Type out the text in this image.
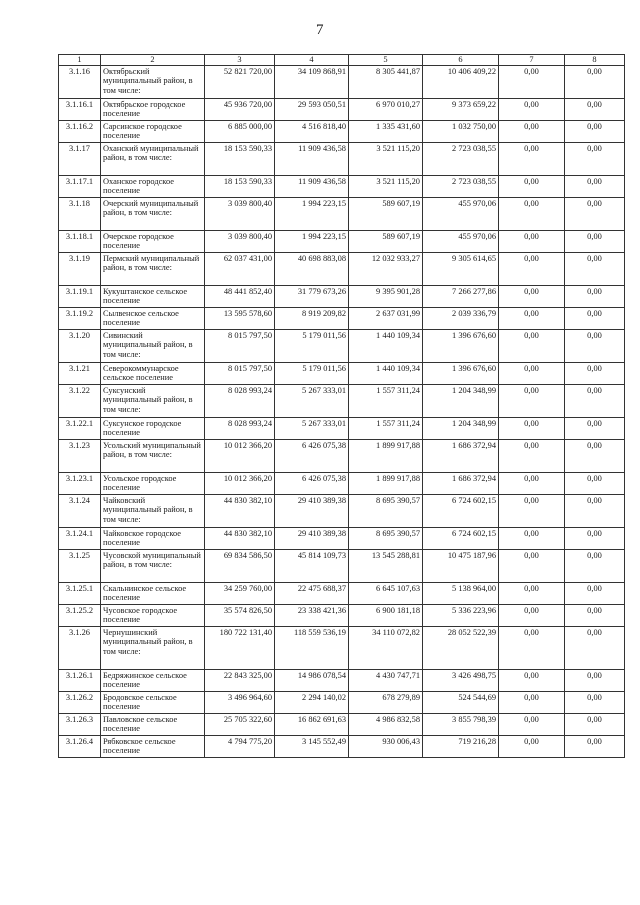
7
1	2	3	4	5	6	7	8
3.1.16	Октябрьский муниципальный район, в том числе:	52 821 720,00	34 109 868,91	8 305 441,87	10 406 409,22	0,00	0,00
3.1.16.1	Октябрьское городское поселение	45 936 720,00	29 593 050,51	6 970 010,27	9 373 659,22	0,00	0,00
3.1.16.2	Сарсинское городское поселение	6 885 000,00	4 516 818,40	1 335 431,60	1 032 750,00	0,00	0,00
3.1.17	Оханский муниципальный район, в том числе:	18 153 590,33	11 909 436,58	3 521 115,20	2 723 038,55	0,00	0,00
3.1.17.1	Оханское городское поселение	18 153 590,33	11 909 436,58	3 521 115,20	2 723 038,55	0,00	0,00
3.1.18	Очерский муниципальный район, в том числе:	3 039 800,40	1 994 223,15	589 607,19	455 970,06	0,00	0,00
3.1.18.1	Очерское городское поселение	3 039 800,40	1 994 223,15	589 607,19	455 970,06	0,00	0,00
3.1.19	Пермский муниципальный район, в том числе:	62 037 431,00	40 698 883,08	12 032 933,27	9 305 614,65	0,00	0,00
3.1.19.1	Кукуштанское сельское поселение	48 441 852,40	31 779 673,26	9 395 901,28	7 266 277,86	0,00	0,00
3.1.19.2	Сылвенское сельское поселение	13 595 578,60	8 919 209,82	2 637 031,99	2 039 336,79	0,00	0,00
3.1.20	Сивинский муниципальный район, в том числе:	8 015 797,50	5 179 011,56	1 440 109,34	1 396 676,60	0,00	0,00
3.1.21	Северокоммунарское сельское поселение	8 015 797,50	5 179 011,56	1 440 109,34	1 396 676,60	0,00	0,00
3.1.22	Суксунский муниципальный район, в том числе:	8 028 993,24	5 267 333,01	1 557 311,24	1 204 348,99	0,00	0,00
3.1.22.1	Суксунское городское поселение	8 028 993,24	5 267 333,01	1 557 311,24	1 204 348,99	0,00	0,00
3.1.23	Усольский муниципальный район, в том числе:	10 012 366,20	6 426 075,38	1 899 917,88	1 686 372,94	0,00	0,00
3.1.23.1	Усольское городское поселение	10 012 366,20	6 426 075,38	1 899 917,88	1 686 372,94	0,00	0,00
3.1.24	Чайковский муниципальный район, в том числе:	44 830 382,10	29 410 389,38	8 695 390,57	6 724 602,15	0,00	0,00
3.1.24.1	Чайковское городское поселение	44 830 382,10	29 410 389,38	8 695 390,57	6 724 602,15	0,00	0,00
3.1.25	Чусовской муниципальный район, в том числе:	69 834 586,50	45 814 109,73	13 545 288,81	10 475 187,96	0,00	0,00
3.1.25.1	Скальнинское сельское поселение	34 259 760,00	22 475 688,37	6 645 107,63	5 138 964,00	0,00	0,00
3.1.25.2	Чусовское городское поселение	35 574 826,50	23 338 421,36	6 900 181,18	5 336 223,96	0,00	0,00
3.1.26	Чернушинский муниципальный район, в том числе:	180 722 131,40	118 559 536,19	34 110 072,82	28 052 522,39	0,00	0,00
3.1.26.1	Бедряжинское сельское поселение	22 843 325,00	14 986 078,54	4 430 747,71	3 426 498,75	0,00	0,00
3.1.26.2	Бродовское сельское поселение	3 496 964,60	2 294 140,02	678 279,89	524 544,69	0,00	0,00
3.1.26.3	Павловское сельское поселение	25 705 322,60	16 862 691,63	4 986 832,58	3 855 798,39	0,00	0,00
3.1.26.4	Рябковское сельское поселение	4 794 775,20	3 145 552,49	930 006,43	719 216,28	0,00	0,00
